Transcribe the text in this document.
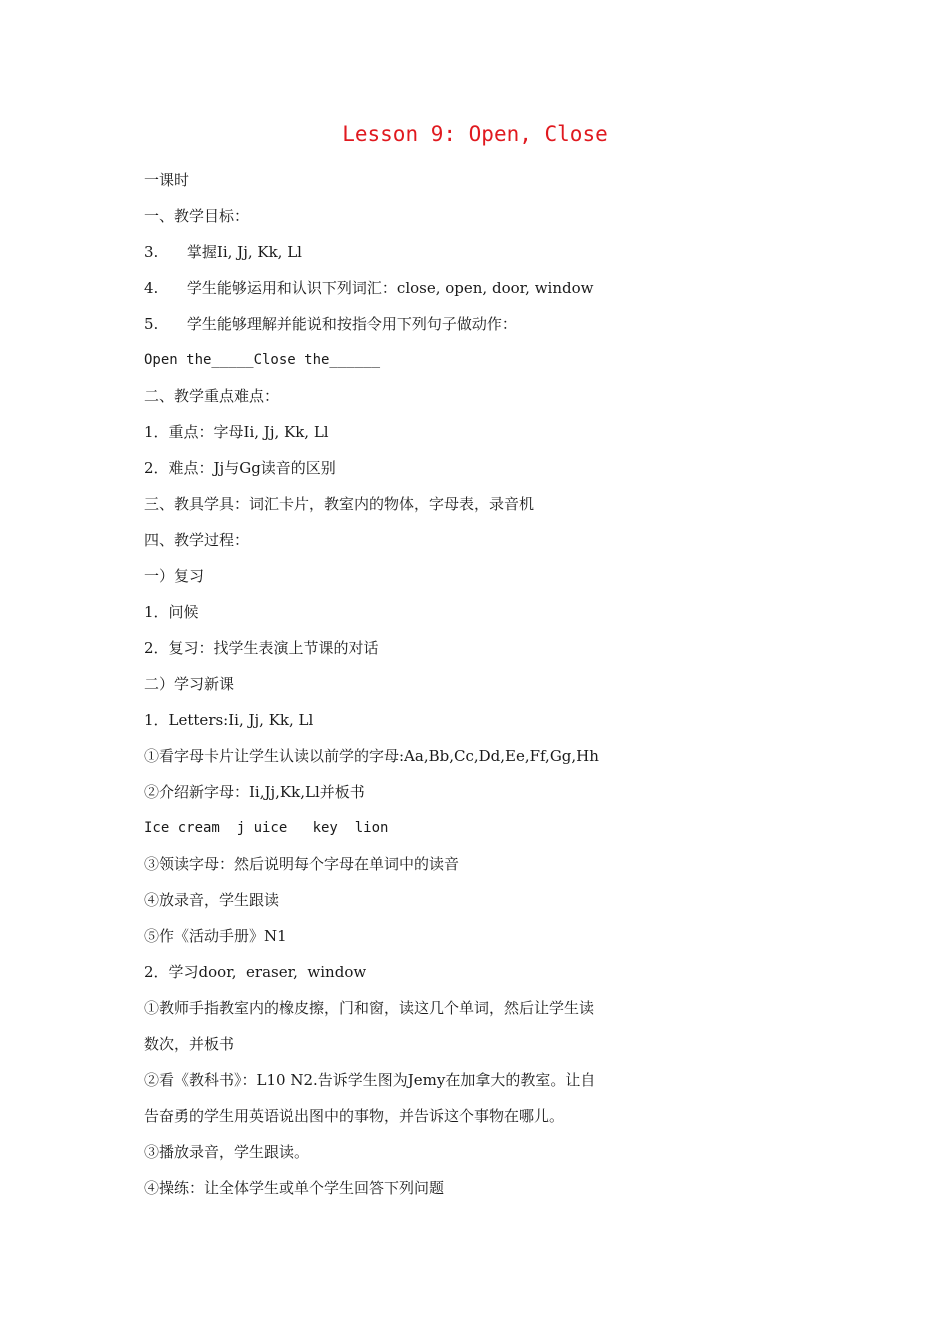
Lesson 9: Open, Close
一课时
一、教学目标：
3.      掌握Ii, Jj, Kk, Ll
4.      学生能够运用和认识下列词汇：close, open, door, window
5.      学生能够理解并能说和按指令用下列句子做动作：
Open the_____Close the______
二、教学重点难点：
1．重点：字母Ii, Jj, Kk, Ll
2．难点：Jj与Gg读音的区别
三、教具学具：词汇卡片，教室内的物体，字母表，录音机
四、教学过程：
一）复习
1．问候
2．复习：找学生表演上节课的对话
二）学习新课
1．Letters:Ii, Jj, Kk, Ll
①看字母卡片让学生认读以前学的字母:Aa,Bb,Cc,Dd,Ee,Ff,Gg,Hh
②介绍新字母：Ii,Jj,Kk,Ll并板书
Ice cream  j uice   key  lion
③领读字母：然后说明每个字母在单词中的读音
④放录音，学生跟读
⑤作《活动手册》N1
2．学习door,  eraser,  window
①教师手指教室内的橡皮擦，门和窗，读这几个单词，然后让学生读
数次，并板书
②看《教科书》：L10 N2.告诉学生图为Jemy在加拿大的教室。让自
告奋勇的学生用英语说出图中的事物，并告诉这个事物在哪儿。
③播放录音，学生跟读。
④操练：让全体学生或单个学生回答下列问题
